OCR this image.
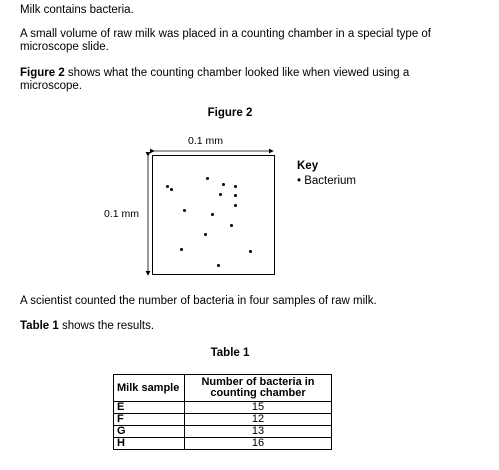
Milk contains bacteria.
A small volume of raw milk was placed in a counting chamber in a special type of microscope slide.
Figure 2 shows what the counting chamber looked like when viewed using a microscope.
Figure 2
0.1 mm
0.1 mm
Key
• Bacterium
A scientist counted the number of bacteria in four samples of raw milk.
Table 1 shows the results.
Table 1
Milk sample	Number of bacteria in counting chamber
E	15
F	12
G	13
H	16
